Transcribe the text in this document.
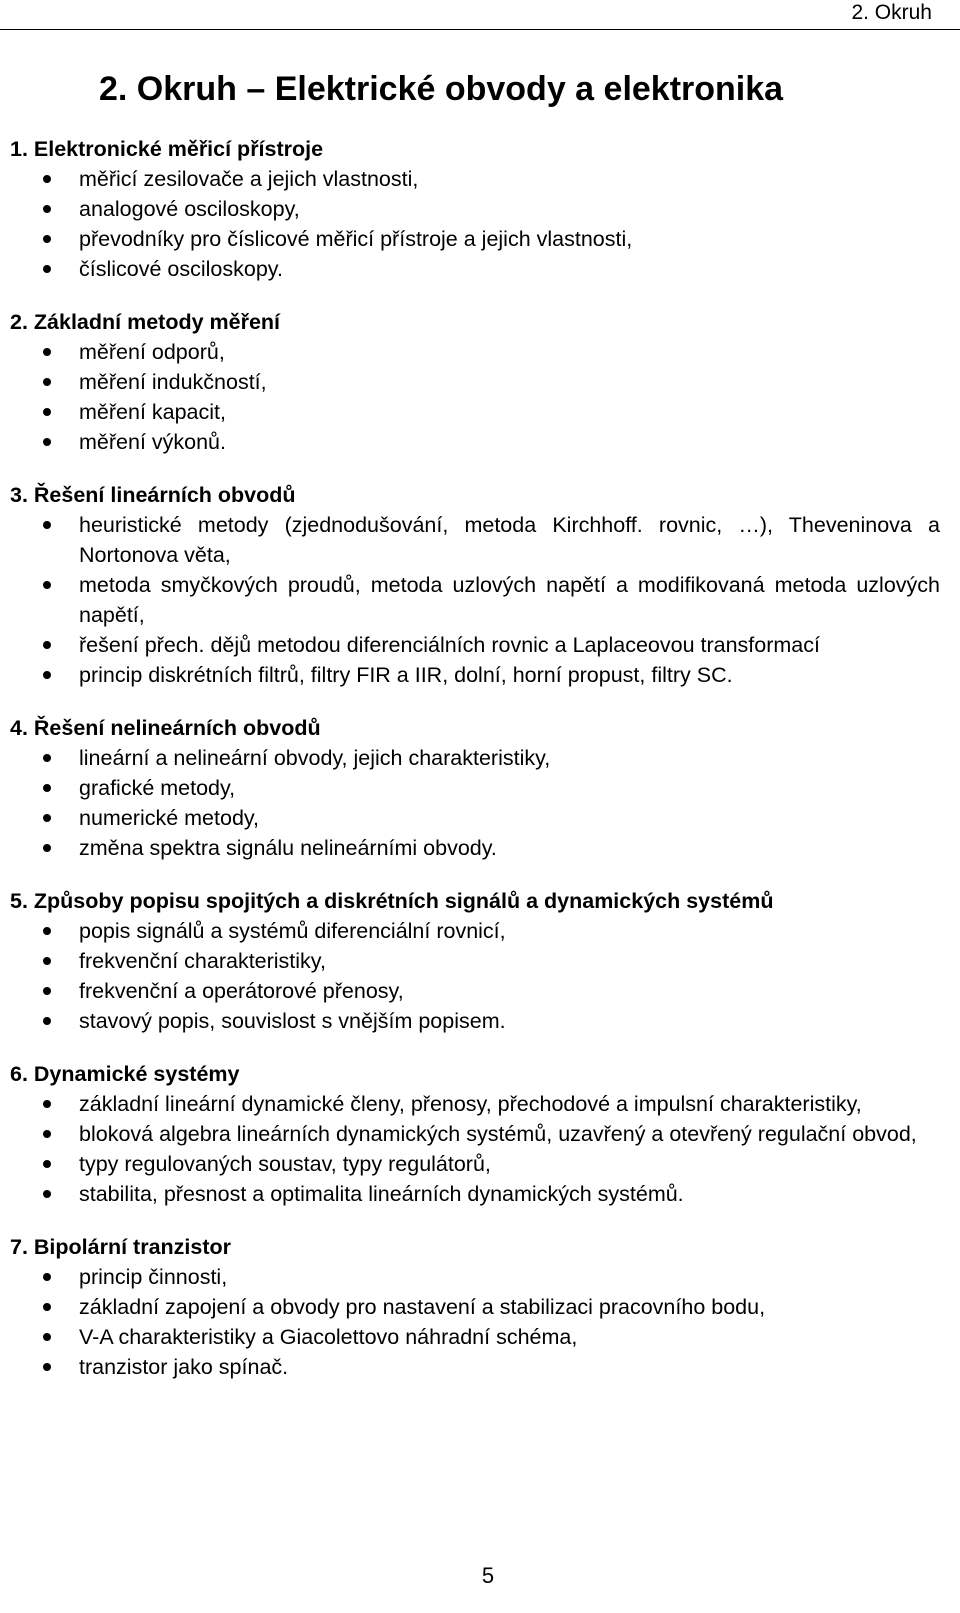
2. Okruh
2. Okruh – Elektrické obvody a elektronika
1. Elektronické měřicí přístroje
měřicí zesilovače a jejich vlastnosti,
analogové osciloskopy,
převodníky pro číslicové měřicí přístroje a jejich vlastnosti,
číslicové osciloskopy.
2. Základní metody měření
měření odporů,
měření indukčností,
měření kapacit,
měření výkonů.
3. Řešení lineárních obvodů
heuristické metody (zjednodušování, metoda Kirchhoff. rovnic, …), Theveninova a Nortonova věta,
metoda smyčkových proudů, metoda uzlových napětí a modifikovaná metoda uzlových napětí,
řešení přech. dějů metodou diferenciálních rovnic a Laplaceovou transformací
princip diskrétních filtrů, filtry FIR a IIR, dolní, horní propust, filtry SC.
4. Řešení nelineárních obvodů
lineární a nelineární obvody, jejich charakteristiky,
grafické metody,
numerické metody,
změna spektra signálu nelineárními obvody.
5. Způsoby popisu spojitých a diskrétních signálů a dynamických systémů
popis signálů a systémů diferenciální rovnicí,
frekvenční charakteristiky,
frekvenční a operátorové přenosy,
stavový popis, souvislost s vnějším popisem.
6. Dynamické systémy
základní lineární dynamické členy, přenosy, přechodové a impulsní charakteristiky,
bloková algebra lineárních dynamických systémů, uzavřený a otevřený regulační obvod,
typy regulovaných soustav, typy regulátorů,
stabilita, přesnost a optimalita lineárních dynamických systémů.
7. Bipolární tranzistor
princip činnosti,
základní zapojení a obvody pro nastavení a stabilizaci pracovního bodu,
V-A charakteristiky a Giacolettovo náhradní schéma,
tranzistor jako spínač.
5
